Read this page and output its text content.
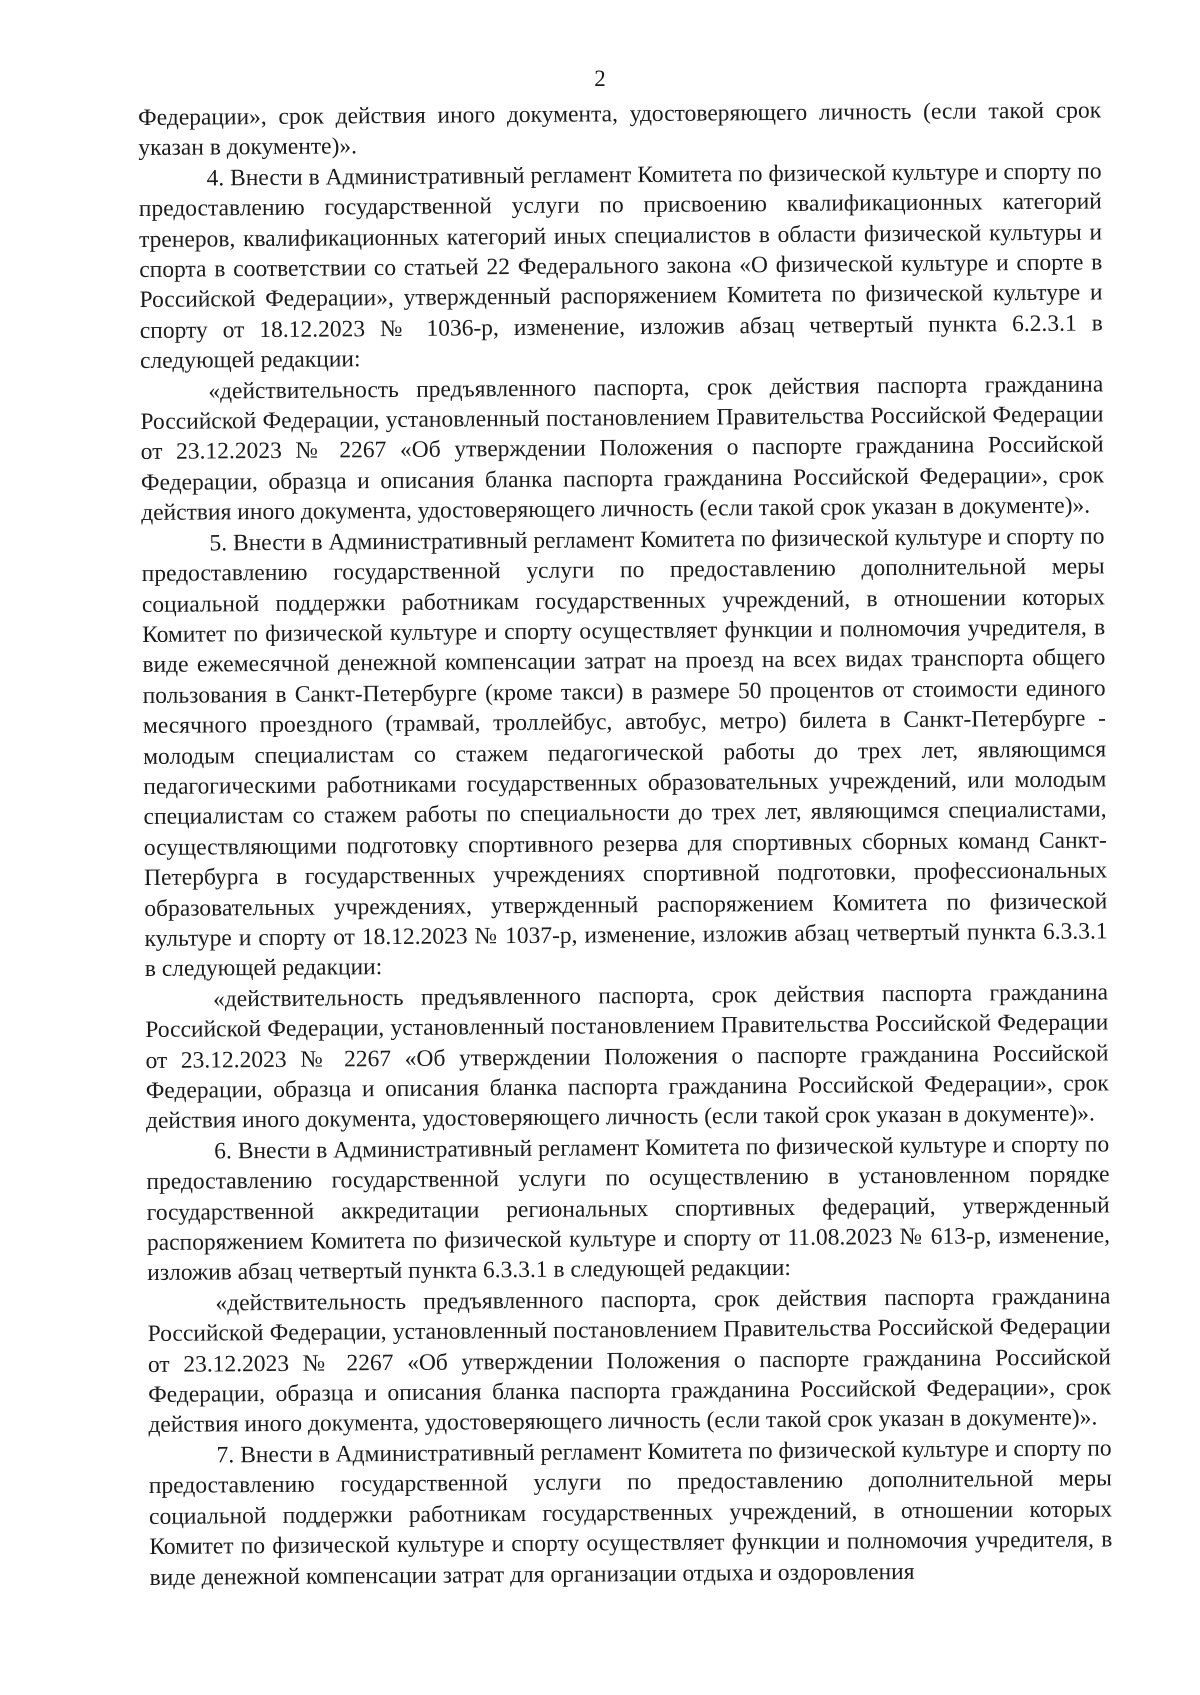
2

Федерации», срок действия иного документа, удостоверяющего личность (если такой срок указан в документе)».

4. Внести в Административный регламент Комитета по физической культуре и спорту по предоставлению государственной услуги по присвоению квалификационных категорий тренеров, квалификационных категорий иных специалистов в области физической культуры и спорта в соответствии со статьей 22 Федерального закона «О физической культуре и спорте в Российской Федерации», утвержденный распоряжением Комитета по физической культуре и спорту от 18.12.2023 № 1036-р, изменение, изложив абзац четвертый пункта 6.2.3.1 в следующей редакции:

«действительность предъявленного паспорта, срок действия паспорта гражданина Российской Федерации, установленный постановлением Правительства Российской Федерации от 23.12.2023 № 2267 «Об утверждении Положения о паспорте гражданина Российской Федерации, образца и описания бланка паспорта гражданина Российской Федерации», срок действия иного документа, удостоверяющего личность (если такой срок указан в документе)».

5. Внести в Административный регламент Комитета по физической культуре и спорту по предоставлению государственной услуги по предоставлению дополнительной меры социальной поддержки работникам государственных учреждений, в отношении которых Комитет по физической культуре и спорту осуществляет функции и полномочия учредителя, в виде ежемесячной денежной компенсации затрат на проезд на всех видах транспорта общего пользования в Санкт-Петербурге (кроме такси) в размере 50 процентов от стоимости единого месячного проездного (трамвай, троллейбус, автобус, метро) билета в Санкт-Петербурге - молодым специалистам со стажем педагогической работы до трех лет, являющимся педагогическими работниками государственных образовательных учреждений, или молодым специалистам со стажем работы по специальности до трех лет, являющимся специалистами, осуществляющими подготовку спортивного резерва для спортивных сборных команд Санкт-Петербурга в государственных учреждениях спортивной подготовки, профессиональных образовательных учреждениях, утвержденный распоряжением Комитета по физической культуре и спорту от 18.12.2023 № 1037-р, изменение, изложив абзац четвертый пункта 6.3.3.1 в следующей редакции:

«действительность предъявленного паспорта, срок действия паспорта гражданина Российской Федерации, установленный постановлением Правительства Российской Федерации от 23.12.2023 № 2267 «Об утверждении Положения о паспорте гражданина Российской Федерации, образца и описания бланка паспорта гражданина Российской Федерации», срок действия иного документа, удостоверяющего личность (если такой срок указан в документе)».

6. Внести в Административный регламент Комитета по физической культуре и спорту по предоставлению государственной услуги по осуществлению в установленном порядке государственной аккредитации региональных спортивных федераций, утвержденный распоряжением Комитета по физической культуре и спорту от 11.08.2023 № 613-р, изменение, изложив абзац четвертый пункта 6.3.3.1 в следующей редакции:

«действительность предъявленного паспорта, срок действия паспорта гражданина Российской Федерации, установленный постановлением Правительства Российской Федерации от 23.12.2023 № 2267 «Об утверждении Положения о паспорте гражданина Российской Федерации, образца и описания бланка паспорта гражданина Российской Федерации», срок действия иного документа, удостоверяющего личность (если такой срок указан в документе)».

7. Внести в Административный регламент Комитета по физической культуре и спорту по предоставлению государственной услуги по предоставлению дополнительной меры социальной поддержки работникам государственных учреждений, в отношении которых Комитет по физической культуре и спорту осуществляет функции и полномочия учредителя, в виде денежной компенсации затрат для организации отдыха и оздоровления
